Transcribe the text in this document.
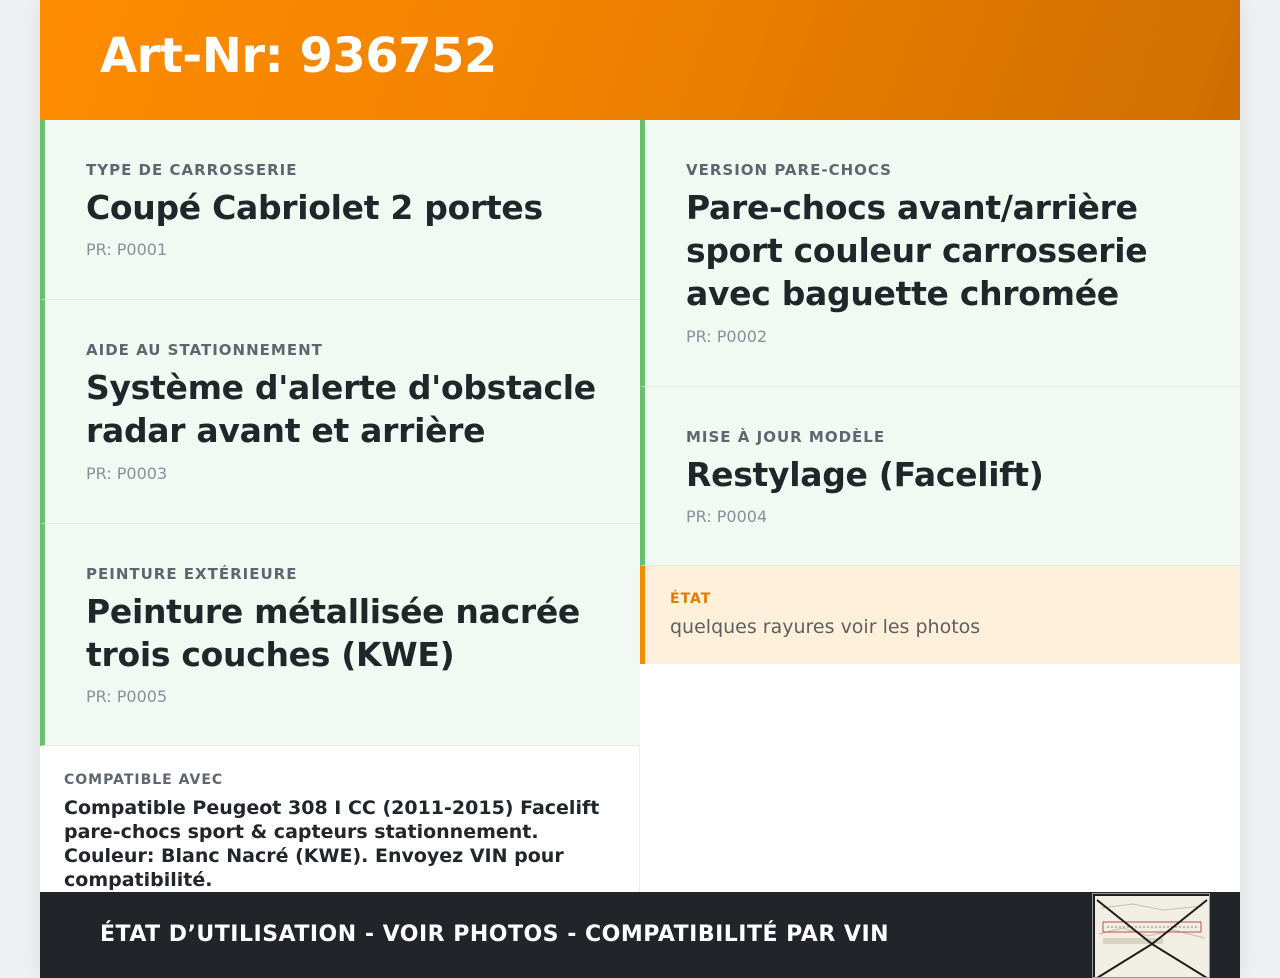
Art-Nr: 936752
TYPE DE CARROSSERIE
Coupé Cabriolet 2 portes
PR: P0001
AIDE AU STATIONNEMENT
Système d'alerte d'obstacle radar avant et arrière
PR: P0003
PEINTURE EXTÉRIEURE
Peinture métallisée nacrée trois couches (KWE)
PR: P0005
VERSION PARE-CHOCS
Pare-chocs avant/arrière sport couleur carrosserie avec baguette chromée
PR: P0002
MISE À JOUR MODÈLE
Restylage (Facelift)
PR: P0004
ÉTAT
quelques rayures voir les photos
COMPATIBLE AVEC
Compatible Peugeot 308 I CC (2011-2015) Facelift pare-chocs sport & capteurs stationnement. Couleur: Blanc Nacré (KWE). Envoyez VIN pour compatibilité.
ÉTAT D’UTILISATION - VOIR PHOTOS - COMPATIBILITÉ PAR VIN
